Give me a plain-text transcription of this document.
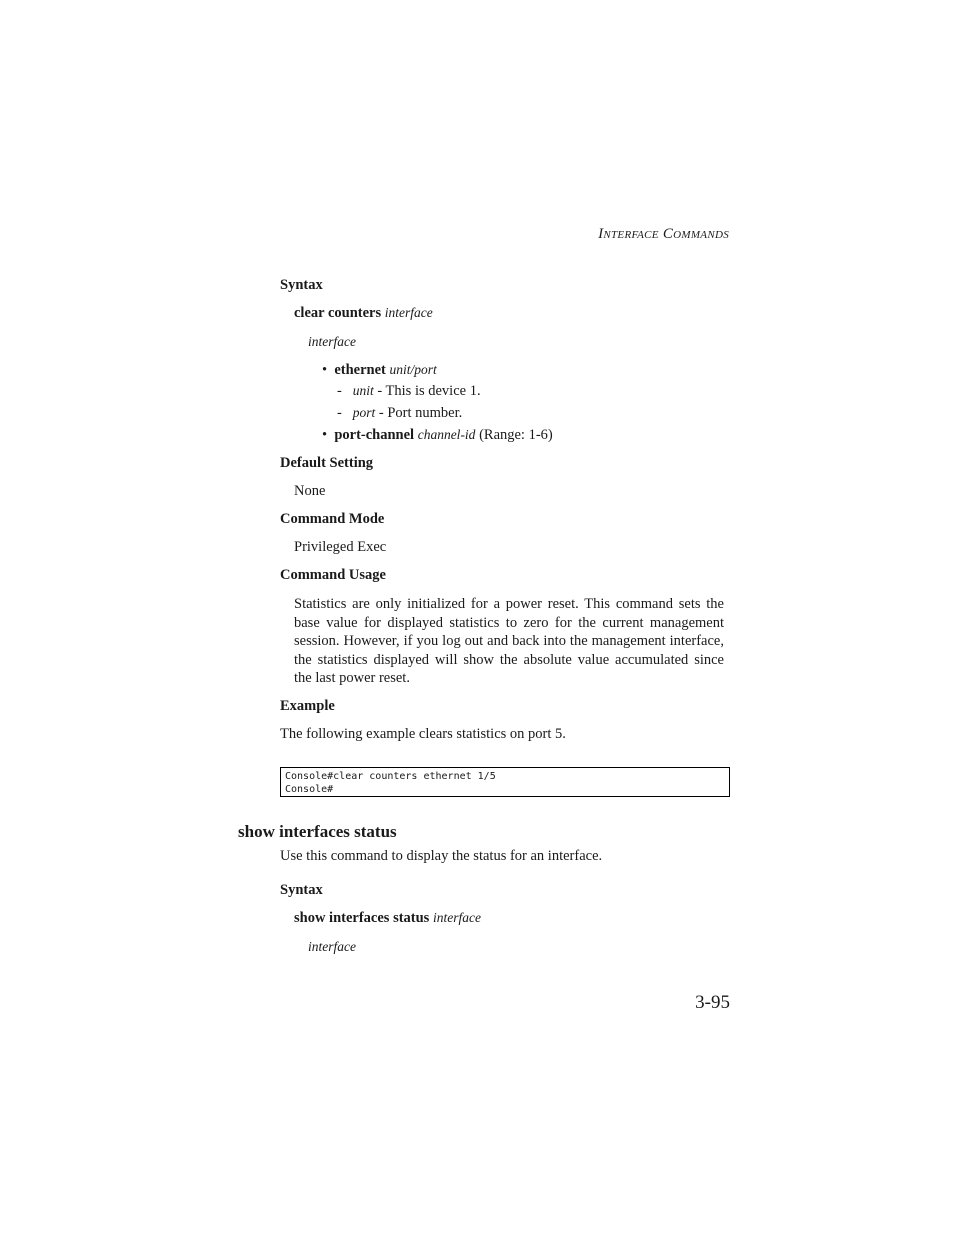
INTERFACE COMMANDS
Syntax
clear counters interface
interface
•  ethernet unit/port
-   unit - This is device 1.
-   port - Port number.
•  port-channel channel-id (Range: 1-6)
Default Setting
None
Command Mode
Privileged Exec
Command Usage
Statistics are only initialized for a power reset. This command sets the base value for displayed statistics to zero for the current management session. However, if you log out and back into the management interface, the statistics displayed will show the absolute value accumulated since the last power reset.
Example
The following example clears statistics on port 5.
Console#clear counters ethernet 1/5
Console#
show interfaces status
Use this command to display the status for an interface.
Syntax
show interfaces status interface
interface
3-95
